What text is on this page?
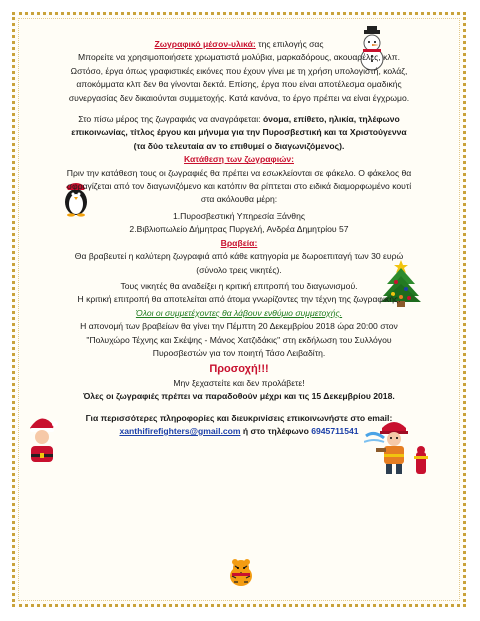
Ζωγραφικό μέσον-υλικά: της επιλογής σας

Μπορείτε να χρησιμοποιήσετε χρωματιστά μολύβια, μαρκαδόρους, ακουαρέλες, κλπ.

Ωστόσο, έργα όπως γραφιστικές εικόνες που έχουν γίνει με τη χρήση υπολογιστή, κολάζ,

αποκόμματα κλπ δεν θα γίνονται δεκτά. Επίσης, έργα που είναι αποτέλεσμα ομαδικής

συνεργασίας δεν δικαιούνται συμμετοχής. Κατά κανόνα, το έργο πρέπει να είναι έγχρωμο.

Στο πίσω μέρος της ζωγραφιάς να αναγράφεται: όνομα, επίθετο, ηλικία, τηλέφωνο

επικοινωνίας, τίτλος έργου και μήνυμα για την Πυροσβεστική και τα Χριστούγεννα

(τα δύο τελευταία αν το επιθυμεί ο διαγωνιζόμενος).

Κατάθεση των ζωγραφιών:

Πριν την κατάθεση τους οι ζωγραφιές θα πρέπει να εσωκλείονται σε φάκελο. Ο φάκελος θα

σφραγίζεται από τον διαγωνιζόμενο και κατόπιν θα ρίπτεται στο ειδικά διαμορφωμένο κουτί

στα ακόλουθα μέρη:

1.Πυροσβεστική Υπηρεσία Ξάνθης

2.Βιβλιοπωλείο Δήμητρας Πυργελή, Ανδρέα Δημητρίου 57

Βραβεία:

Θα βραβευτεί η καλύτερη ζωγραφιά από κάθε κατηγορία με δωροεπιταγή των 30 ευρώ

(σύνολο τρεις νικητές).

Τους νικητές θα αναδείξει η κριτική επιτροπή του διαγωνισμού.

Η κριτική επιτροπή θα αποτελείται από άτομα γνωρίζοντες την τέχνη της ζωγραφικής.

Όλοι οι συμμετέχοντες θα λάβουν ενθύμιο συμμετοχής.

Η απονομή των βραβείων θα γίνει την Πέμπτη 20 Δεκεμβρίου 2018 ώρα 20:00 στον

"Πολυχώρο Τέχνης και Σκέψης - Μάνος Χατζιδάκις" στη εκδήλωση του Συλλόγου

Πυροσβεστών για τον ποιητή Τάσο Λειβαδίτη.

Προσοχή!!!

Μην ξεχαστείτε και δεν προλάβετε!

Όλες οι ζωγραφιές πρέπει να παραδοθούν μέχρι και τις 15 Δεκεμβρίου 2018.

Για περισσότερες πληροφορίες και διευκρινίσεις επικοινωνήστε στο email:

xanthifirefighters@gmail.com ή στο τηλέφωνο 6945711541
